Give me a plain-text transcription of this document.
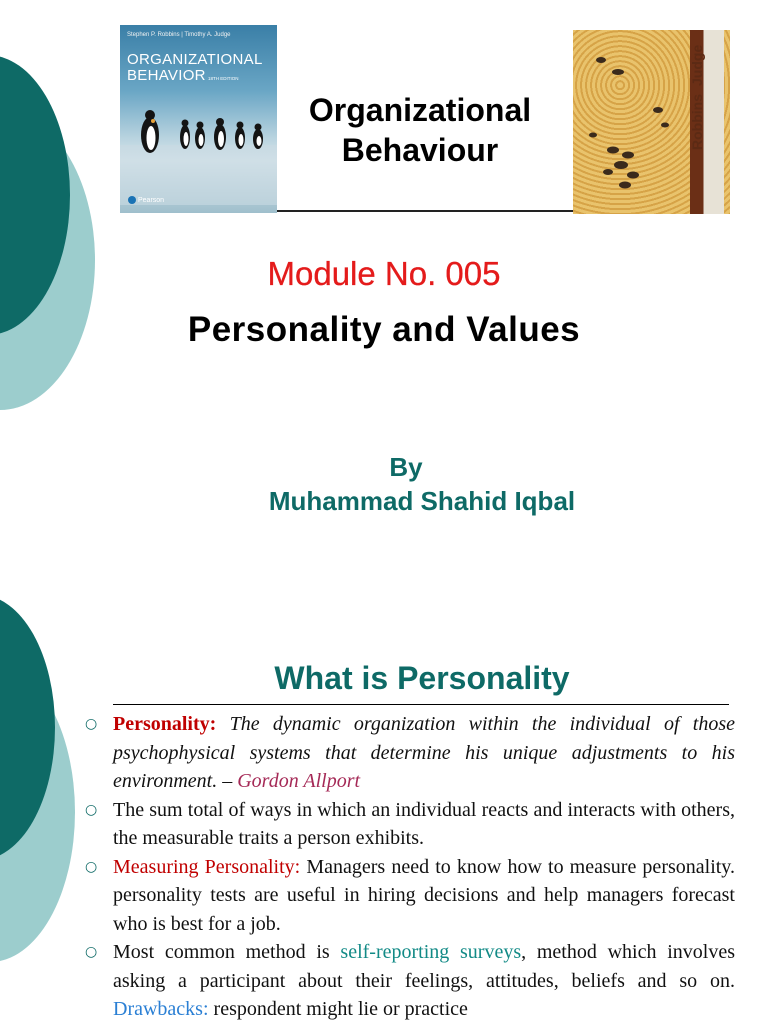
Stephen P. Robbins | Timothy A. Judge
ORGANIZATIONAL
BEHAVIOR 18TH EDITION
Pearson
Organizational
Behaviour	RobbinsJudge
Module No. 005
Personality and Values
By
Muhammad Shahid Iqbal
What is Personality
○ Personality: The dynamic organization within the individual of those psychophysical systems that determine his unique adjustments to his environment. – Gordon Allport
○ The sum total of ways in which an individual reacts and interacts with others, the measurable traits a person exhibits.
○ Measuring Personality: Managers need to know how to measure personality. personality tests are useful in hiring decisions and help managers forecast who is best for a job.
○ Most common method is self-reporting surveys, method which involves asking a participant about their feelings, attitudes, beliefs and so on. Drawbacks: respondent might lie or practice
